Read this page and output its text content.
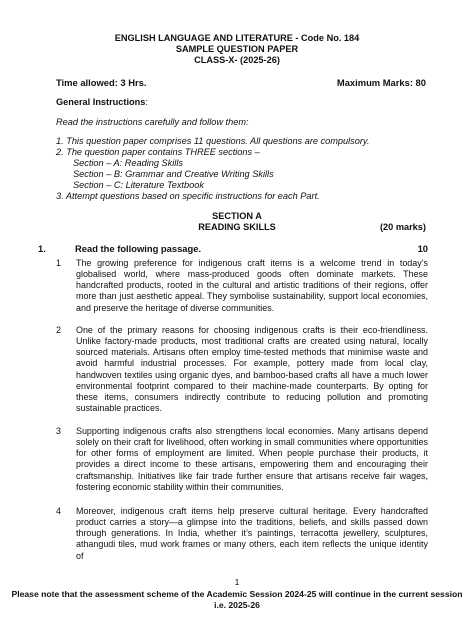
ENGLISH LANGUAGE AND LITERATURE - Code No. 184
SAMPLE QUESTION PAPER
CLASS-X- (2025-26)
Time allowed: 3 Hrs.	Maximum Marks: 80
General Instructions:
Read the instructions carefully and follow them:
1. This question paper comprises 11 questions. All questions are compulsory.
2. The question paper contains THREE sections –
Section – A: Reading Skills
Section – B: Grammar and Creative Writing Skills
Section – C: Literature Textbook
3. Attempt questions based on specific instructions for each Part.
SECTION A
READING SKILLS	(20 marks)
1.	Read the following passage.	10
1 The growing preference for indigenous craft items is a welcome trend in today’s globalised world, where mass-produced goods often dominate markets. These handcrafted products, rooted in the cultural and artistic traditions of their regions, offer more than just aesthetic appeal. They symbolise sustainability, support local economies, and preserve the heritage of diverse communities.
2 One of the primary reasons for choosing indigenous crafts is their eco-friendliness. Unlike factory-made products, most traditional crafts are created using natural, locally sourced materials. Artisans often employ time-tested methods that minimise waste and avoid harmful industrial processes. For example, pottery made from local clay, handwoven textiles using organic dyes, and bamboo-based crafts all have a much lower environmental footprint compared to their machine-made counterparts. By opting for these items, consumers indirectly contribute to reducing pollution and promoting sustainable practices.
3 Supporting indigenous crafts also strengthens local economies. Many artisans depend solely on their craft for livelihood, often working in small communities where opportunities for other forms of employment are limited. When people purchase their products, it provides a direct income to these artisans, empowering them and encouraging their craftsmanship. Initiatives like fair trade further ensure that artisans receive fair wages, fostering economic stability within their communities.
4 Moreover, indigenous craft items help preserve cultural heritage. Every handcrafted product carries a story—a glimpse into the traditions, beliefs, and skills passed down through generations. In India, whether it’s paintings, terracotta jewellery, sculptures, athangudi tiles, mud work frames or many others, each item reflects the unique identity of
1
Please note that the assessment scheme of the Academic Session 2024-25 will continue in the current session i.e. 2025-26
